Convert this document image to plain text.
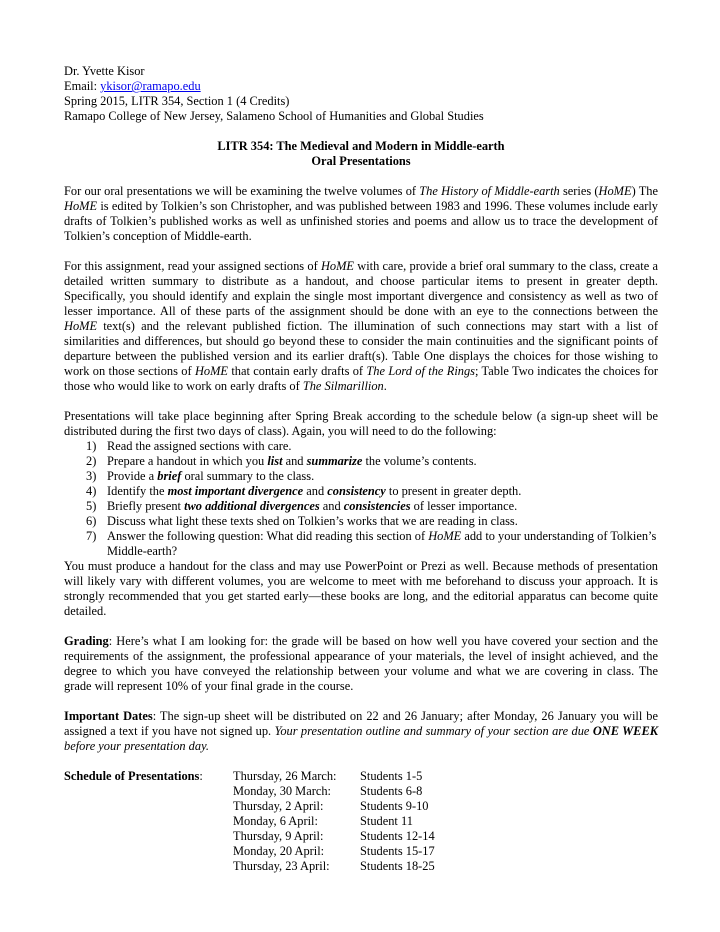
Dr. Yvette Kisor

Email: ykisor@ramapo.edu

Spring 2015, LITR 354, Section 1 (4 Credits)

Ramapo College of New Jersey, Salameno School of Humanities and Global Studies

LITR 354: The Medieval and Modern in Middle-earth

Oral Presentations

For our oral presentations we will be examining the twelve volumes of The History of Middle-earth series (HoME) The HoME is edited by Tolkien’s son Christopher, and was published between 1983 and 1996. These volumes include early drafts of Tolkien’s published works as well as unfinished stories and poems and allow us to trace the development of Tolkien’s conception of Middle-earth.

For this assignment, read your assigned sections of HoME with care, provide a brief oral summary to the class, create a detailed written summary to distribute as a handout, and choose particular items to present in greater depth. Specifically, you should identify and explain the single most important divergence and consistency as well as two of lesser importance. All of these parts of the assignment should be done with an eye to the connections between the HoME text(s) and the relevant published fiction. The illumination of such connections may start with a list of similarities and differences, but should go beyond these to consider the main continuities and the significant points of departure between the published version and its earlier draft(s). Table One displays the choices for those wishing to work on those sections of HoME that contain early drafts of The Lord of the Rings; Table Two indicates the choices for those who would like to work on early drafts of The Silmarillion.

Presentations will take place beginning after Spring Break according to the schedule below (a sign-up sheet will be distributed during the first two days of class). Again, you will need to do the following:

1) Read the assigned sections with care.
2) Prepare a handout in which you list and summarize the volume’s contents.
3) Provide a brief oral summary to the class.
4) Identify the most important divergence and consistency to present in greater depth.
5) Briefly present two additional divergences and consistencies of lesser importance.
6) Discuss what light these texts shed on Tolkien’s works that we are reading in class.
7) Answer the following question: What did reading this section of HoME add to your understanding of Tolkien’s Middle-earth?

You must produce a handout for the class and may use PowerPoint or Prezi as well. Because methods of presentation will likely vary with different volumes, you are welcome to meet with me beforehand to discuss your approach. It is strongly recommended that you get started early—these books are long, and the editorial apparatus can become quite detailed.

Grading: Here’s what I am looking for: the grade will be based on how well you have covered your section and the requirements of the assignment, the professional appearance of your materials, the level of insight achieved, and the degree to which you have conveyed the relationship between your volume and what we are covering in class. The grade will represent 10% of your final grade in the course.

Important Dates: The sign-up sheet will be distributed on 22 and 26 January; after Monday, 26 January you will be assigned a text if you have not signed up. Your presentation outline and summary of your section are due ONE WEEK before your presentation day.

Schedule of Presentations:	Thursday, 26 March:	Students 1-5
Monday, 30 March:	Students 6-8
Thursday, 2 April:	Students 9-10
Monday, 6 April:	Student 11
Thursday, 9 April:	Students 12-14
Monday, 20 April:	Students 15-17
Thursday, 23 April:	Students 18-25
